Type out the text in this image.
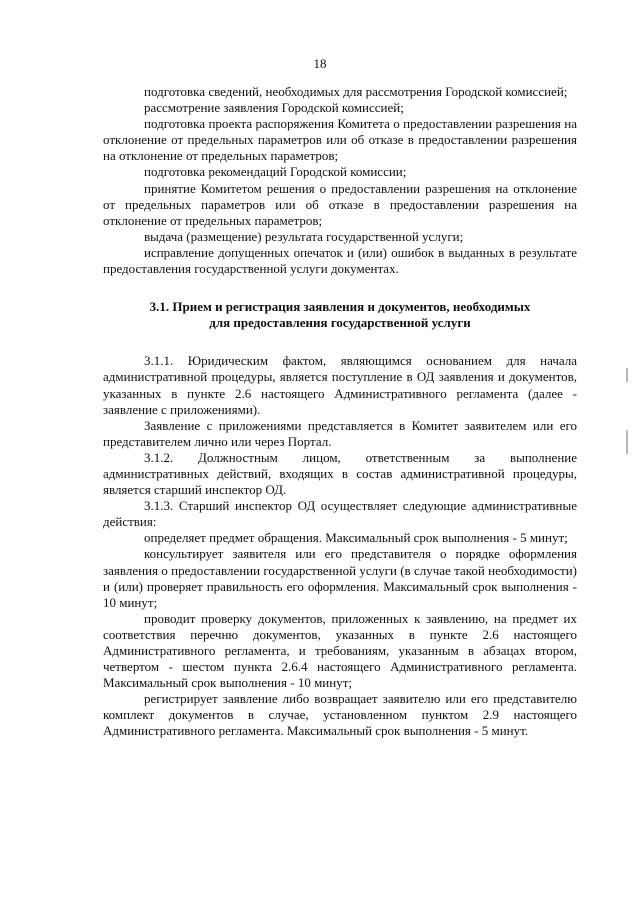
18

подготовка сведений, необходимых для рассмотрения Городской комиссией;

рассмотрение заявления Городской комиссией;

подготовка проекта распоряжения Комитета о предоставлении разрешения на отклонение от предельных параметров или об отказе в предоставлении разрешения на отклонение от предельных параметров;

подготовка рекомендаций Городской комиссии;

принятие Комитетом решения о предоставлении разрешения на отклонение от предельных параметров или об отказе в предоставлении разрешения на отклонение от предельных параметров;

выдача (размещение) результата государственной услуги;

исправление допущенных опечаток и (или) ошибок в выданных в результате предоставления государственной услуги документах.

3.1. Прием и регистрация заявления и документов, необходимых
для предоставления государственной услуги

3.1.1. Юридическим фактом, являющимся основанием для начала административной процедуры, является поступление в ОД заявления и документов, указанных в пункте 2.6 настоящего Административного регламента (далее - заявление с приложениями).

Заявление с приложениями представляется в Комитет заявителем или его представителем лично или через Портал.

3.1.2. Должностным лицом, ответственным за выполнение административных действий, входящих в состав административной процедуры, является старший инспектор ОД.

3.1.3. Старший инспектор ОД осуществляет следующие административные действия:

определяет предмет обращения. Максимальный срок выполнения - 5 минут;

консультирует заявителя или его представителя о порядке оформления заявления о предоставлении государственной услуги (в случае такой необходимости) и (или) проверяет правильность его оформления. Максимальный срок выполнения - 10 минут;

проводит проверку документов, приложенных к заявлению, на предмет их соответствия перечню документов, указанных в пункте 2.6 настоящего Административного регламента, и требованиям, указанным в абзацах втором, четвертом - шестом пункта 2.6.4 настоящего Административного регламента. Максимальный срок выполнения - 10 минут;

регистрирует заявление либо возвращает заявителю или его представителю комплект документов в случае, установленном пунктом 2.9 настоящего Административного регламента. Максимальный срок выполнения - 5 минут.
